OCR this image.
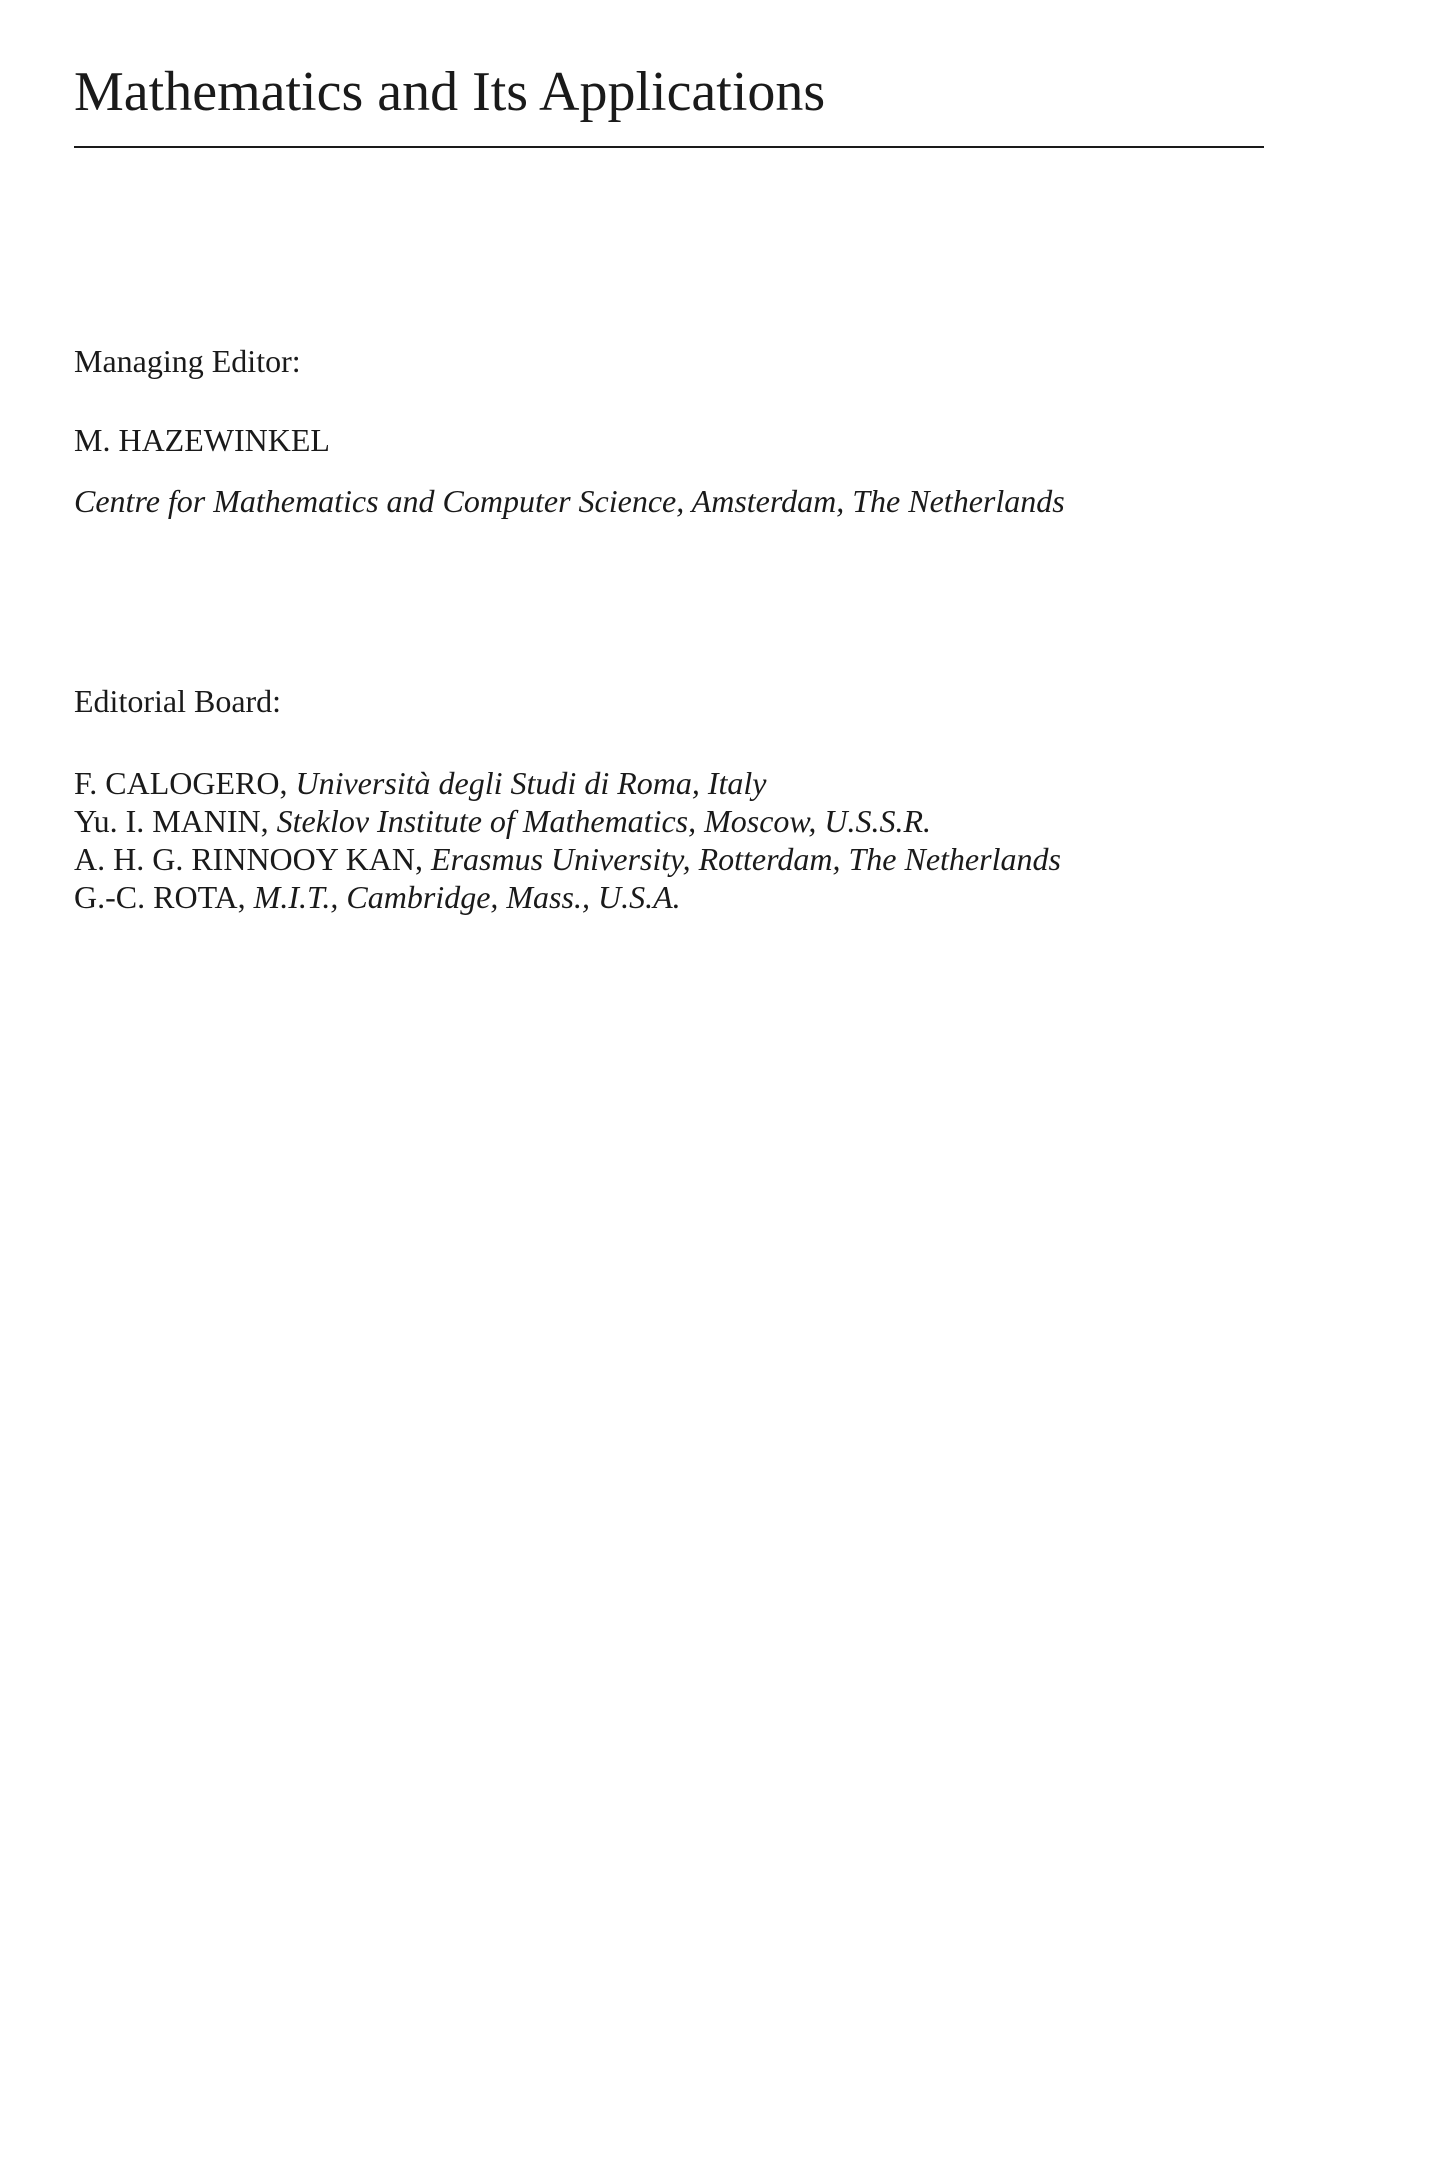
Mathematics and Its Applications
Managing Editor:
M. HAZEWINKEL
Centre for Mathematics and Computer Science, Amsterdam, The Netherlands
Editorial Board:
F. CALOGERO, Università degli Studi di Roma, Italy
Yu. I. MANIN, Steklov Institute of Mathematics, Moscow, U.S.S.R.
A. H. G. RINNOOY KAN, Erasmus University, Rotterdam, The Netherlands
G.-C. ROTA, M.I.T., Cambridge, Mass., U.S.A.
